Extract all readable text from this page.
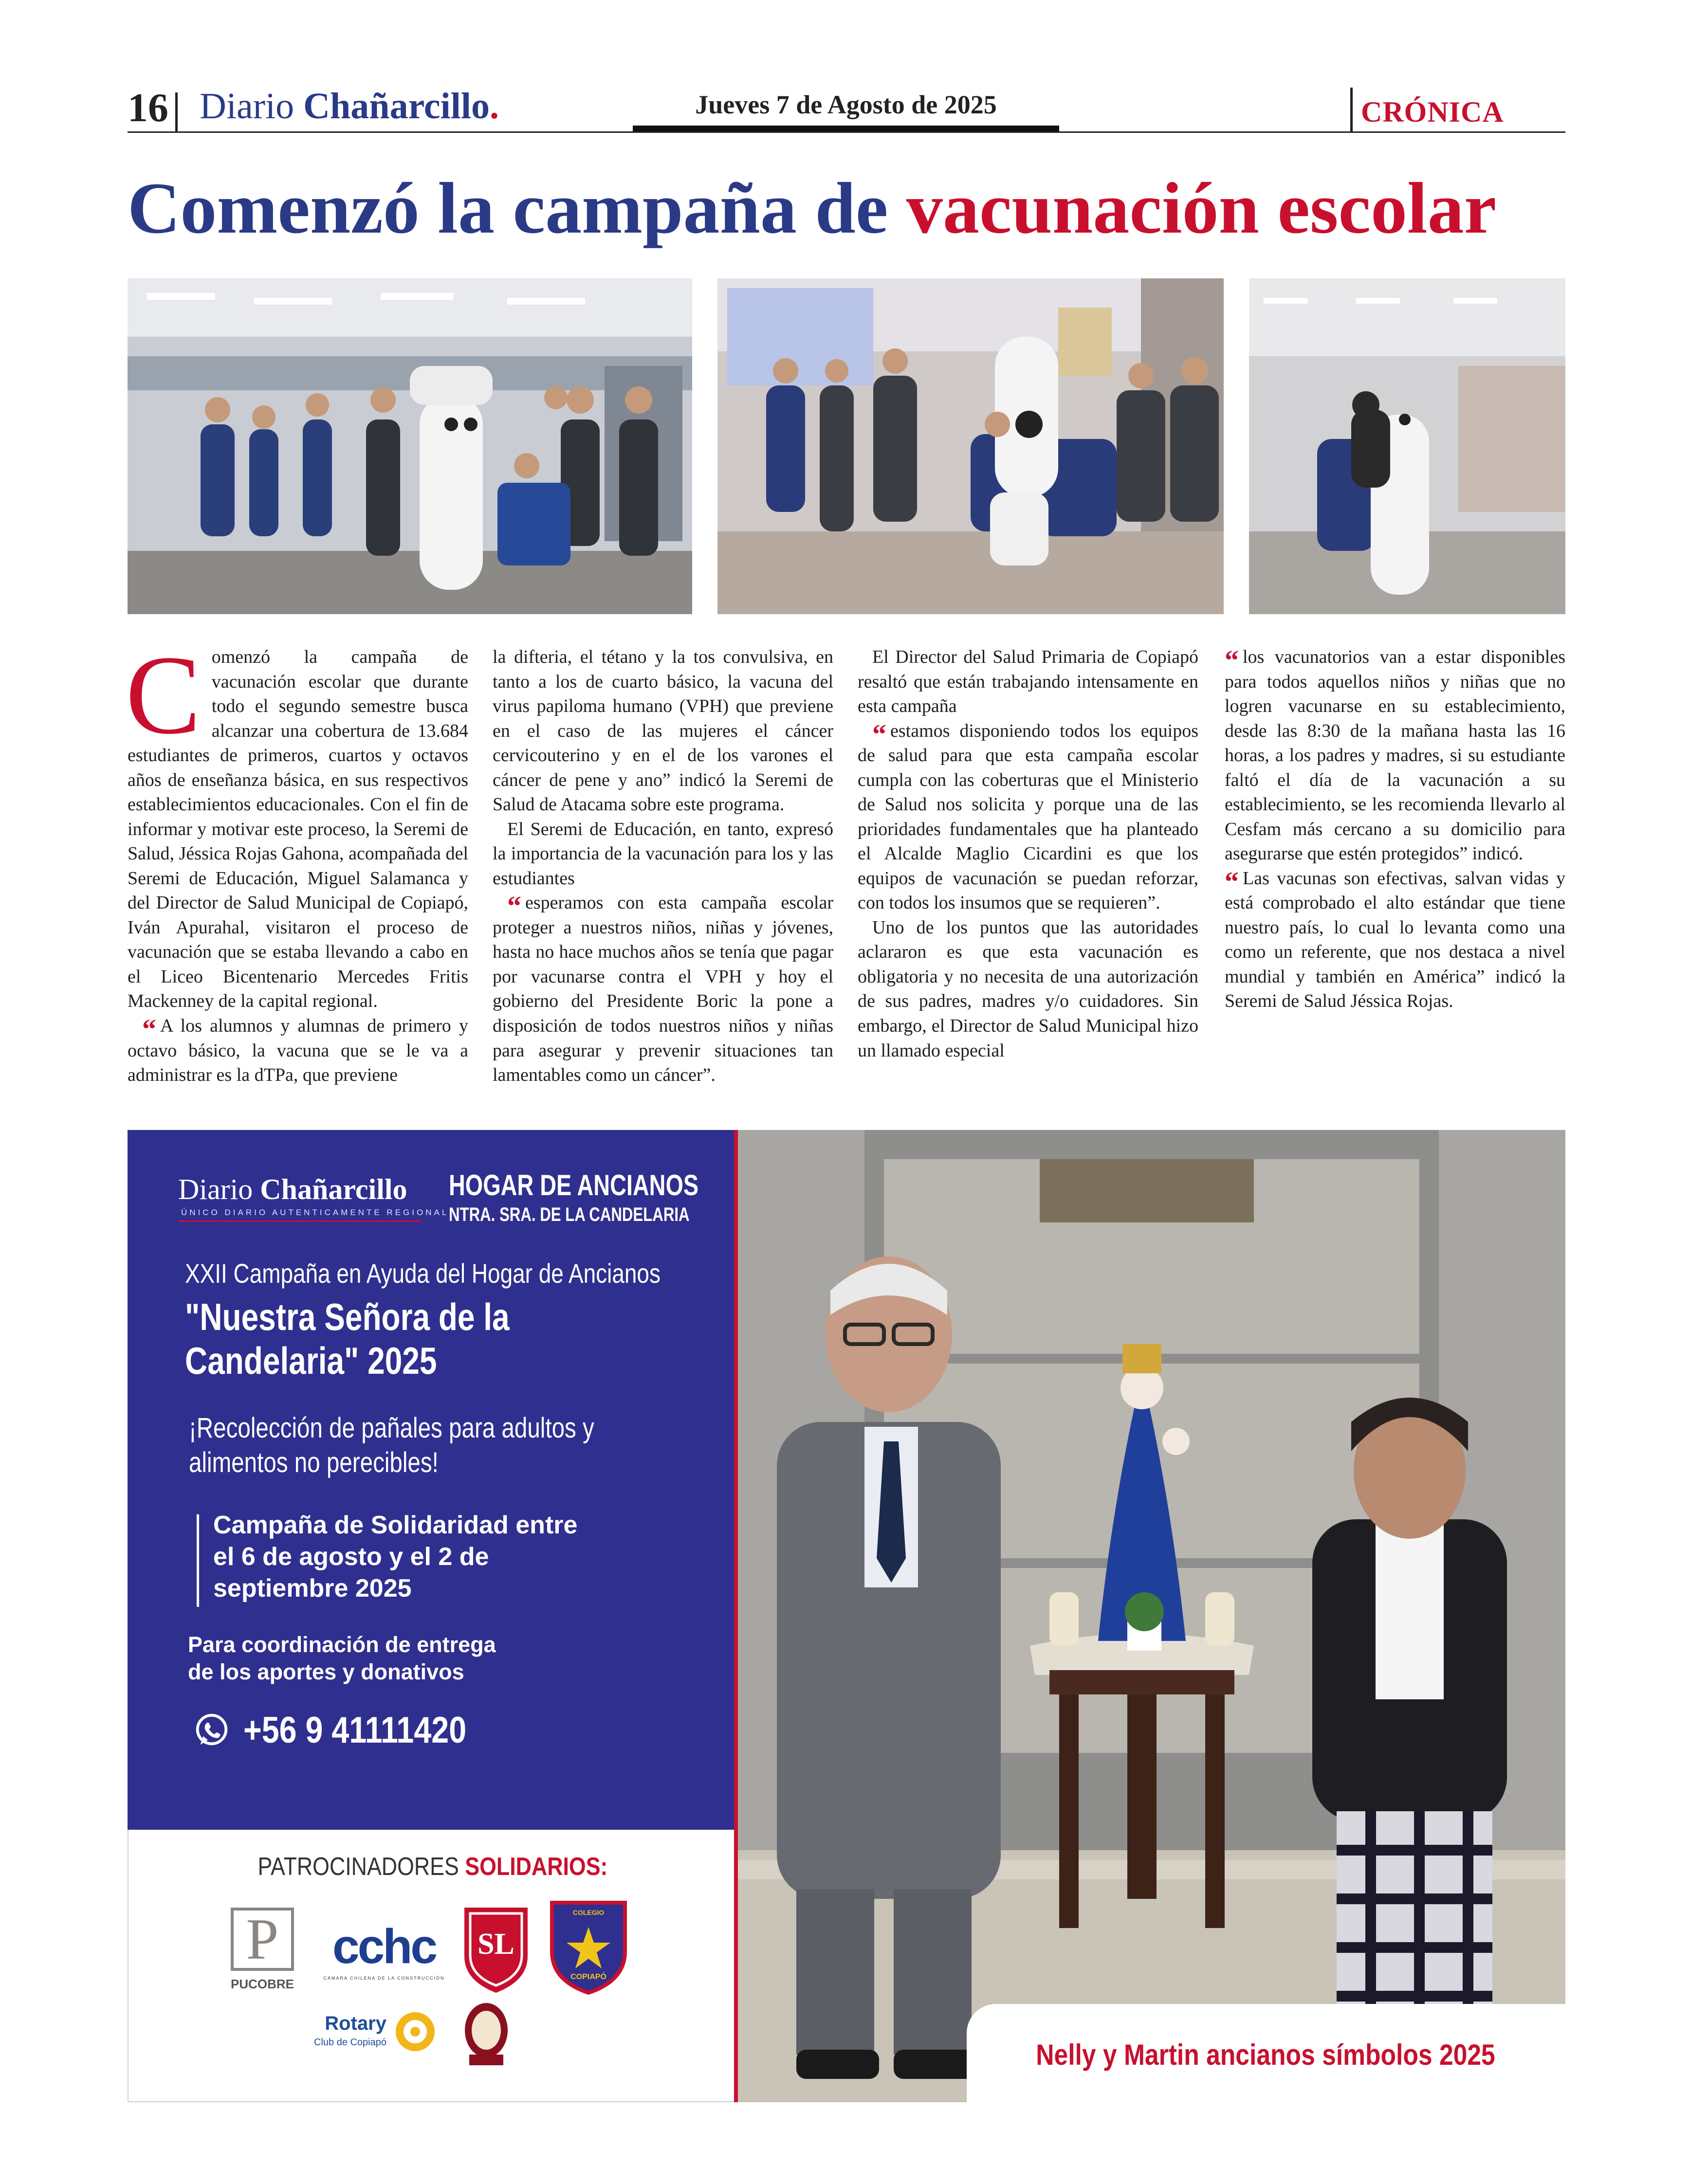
16 Diario Chañarcillo.	Jueves 7 de Agosto de 2025	CRÓNICA
Comenzó la campaña de vacunación escolar

Comenzó la campaña de vacunación escolar que durante todo el segundo semestre busca alcanzar una cobertura de 13.684 estudiantes de primeros, cuartos y octavos años de enseñanza básica, en sus respectivos establecimientos educacionales. Con el fin de informar y motivar este proceso, la Seremi de Salud, Jéssica Rojas Gahona, acompañada del Seremi de Educación, Miguel Salamanca y del Director de Salud Municipal de Copiapó, Iván Apurahal, visitaron el proceso de vacunación que se estaba llevando a cabo en el Liceo Bicentenario Mercedes Fritis Mackenney de la capital regional.

“ A los alumnos y alumnas de primero y octavo básico, la vacuna que se le va a administrar es la dTPa, que previene

la difteria, el tétano y la tos convulsiva, en tanto a los de cuarto básico, la vacuna del virus papiloma humano (VPH) que previene en el caso de las mujeres el cáncer cervicouterino y en el de los varones el cáncer de pene y ano” indicó la Seremi de Salud de Atacama sobre este programa.

El Seremi de Educación, en tanto, expresó la importancia de la vacunación para los y las estudiantes

“ esperamos con esta campaña escolar proteger a nuestros niños, niñas y jóvenes, hasta no hace muchos años se tenía que pagar por vacunarse contra el VPH y hoy el gobierno del Presidente Boric la pone a disposición de todos nuestros niños y niñas para asegurar y prevenir situaciones tan lamentables como un cáncer”.

El Director del Salud Primaria de Copiapó resaltó que están trabajando intensamente en esta campaña

“ estamos disponiendo todos los equipos de salud para que esta campaña escolar cumpla con las coberturas que el Ministerio de Salud nos solicita y porque una de las prioridades fundamentales que ha planteado el Alcalde Maglio Cicardini es que los equipos de vacunación se puedan reforzar, con todos los insumos que se requieren”.

Uno de los puntos que las autoridades aclararon es que esta vacunación es obligatoria y no necesita de una autorización de sus padres, madres y/o cuidadores. Sin embargo, el Director de Salud Municipal hizo un llamado especial

“ los vacunatorios van a estar disponibles para todos aquellos niños y niñas que no logren vacunarse en su establecimiento, desde las 8:30 de la mañana hasta las 16 horas, a los padres y madres, si su estudiante faltó el día de la vacunación a su establecimiento, se les recomienda llevarlo al Cesfam más cercano a su domicilio para asegurarse que estén protegidos” indicó.

“ Las vacunas son efectivas, salvan vidas y está comprobado el alto estándar que tiene nuestro país, lo cual lo levanta como una como un referente, que nos destaca a nivel mundial y también en América” indicó la Seremi de Salud Jéssica Rojas.

Diario Chañarcillo
ÚNICO DIARIO AUTENTICAMENTE REGIONAL
HOGAR DE ANCIANOS
NTRA. SRA. DE LA CANDELARIA
XXII Campaña en Ayuda del Hogar de Ancianos
"Nuestra Señora de la
Candelaria" 2025
¡Recolección de pañales para adultos y
alimentos no perecibles!
Campaña de Solidaridad entre
el 6 de agosto y el 2 de
septiembre 2025
Para coordinación de entrega
de los aportes y donativos
+56 9 41111420
PATROCINADORES SOLIDARIOS:
P
PUCOBRE
cchc
CÁMARA CHILENA DE LA CONSTRUCCIÓN
SL
COLEGIO
COPIAPÓ
Rotary
Club de Copiapó	Nelly y Martin ancianos símbolos 2025
